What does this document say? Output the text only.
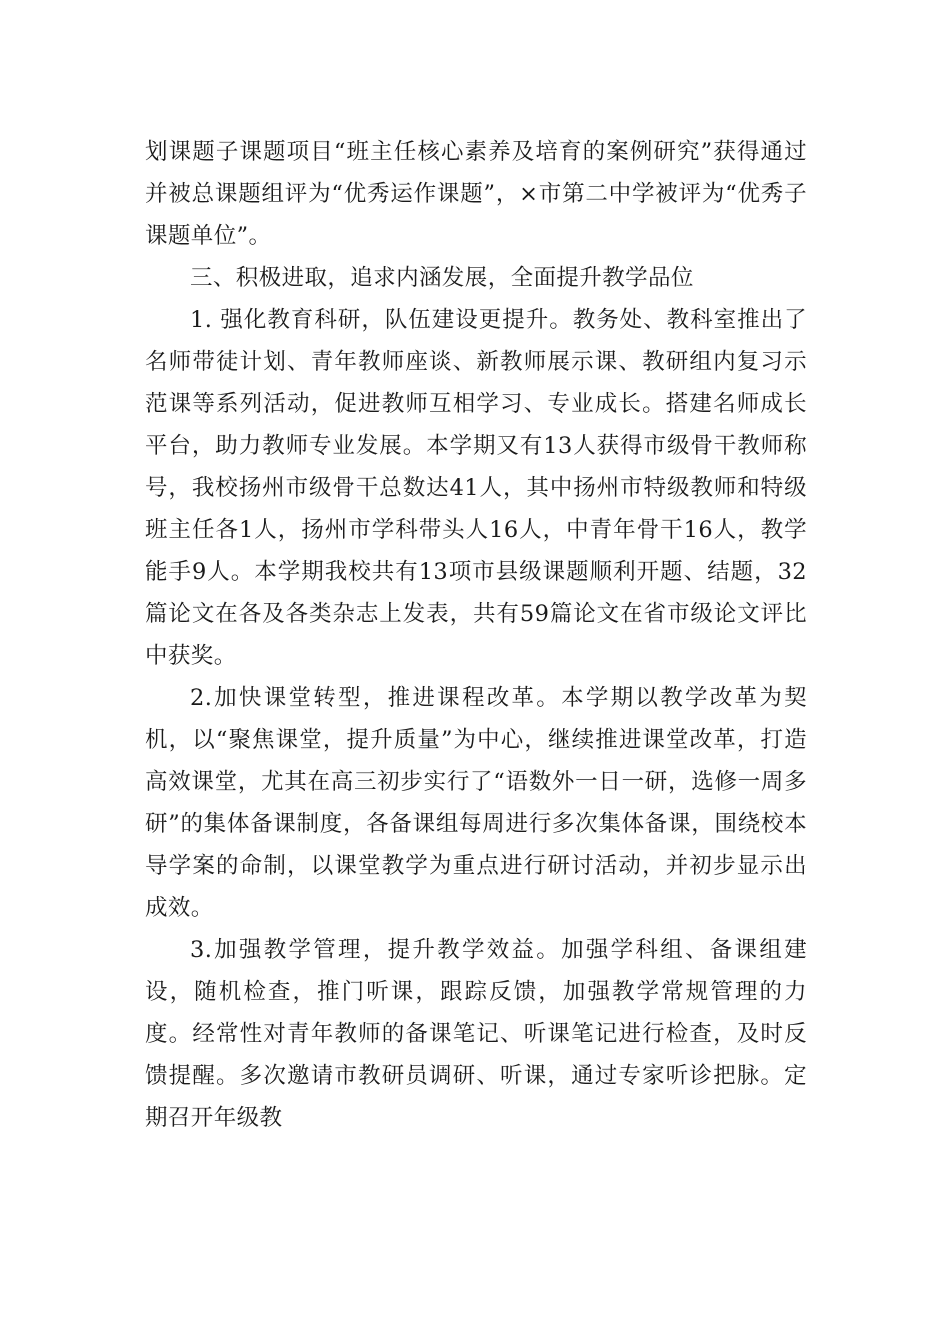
划课题子课题项目“班主任核心素养及培育的案例研究”获得通过并被总课题组评为“优秀运作课题”，×市第二中学被评为“优秀子课题单位”。

三、积极进取，追求内涵发展，全面提升教学品位

1. 强化教育科研，队伍建设更提升。教务处、教科室推出了名师带徒计划、青年教师座谈、新教师展示课、教研组内复习示范课等系列活动，促进教师互相学习、专业成长。搭建名师成长平台，助力教师专业发展。本学期又有13人获得市级骨干教师称号，我校扬州市级骨干总数达41人，其中扬州市特级教师和特级班主任各1人，扬州市学科带头人16人，中青年骨干16人，教学能手9人。本学期我校共有13项市县级课题顺利开题、结题，32篇论文在各及各类杂志上发表，共有59篇论文在省市级论文评比中获奖。

2.加快课堂转型，推进课程改革。本学期以教学改革为契机，以“聚焦课堂，提升质量”为中心，继续推进课堂改革，打造高效课堂，尤其在高三初步实行了“语数外一日一研，选修一周多研”的集体备课制度，各备课组每周进行多次集体备课，围绕校本导学案的命制，以课堂教学为重点进行研讨活动，并初步显示出成效。

3.加强教学管理，提升教学效益。加强学科组、备课组建设，随机检查，推门听课，跟踪反馈，加强教学常规管理的力度。经常性对青年教师的备课笔记、听课笔记进行检查，及时反馈提醒。多次邀请市教研员调研、听课，通过专家听诊把脉。定期召开年级教
